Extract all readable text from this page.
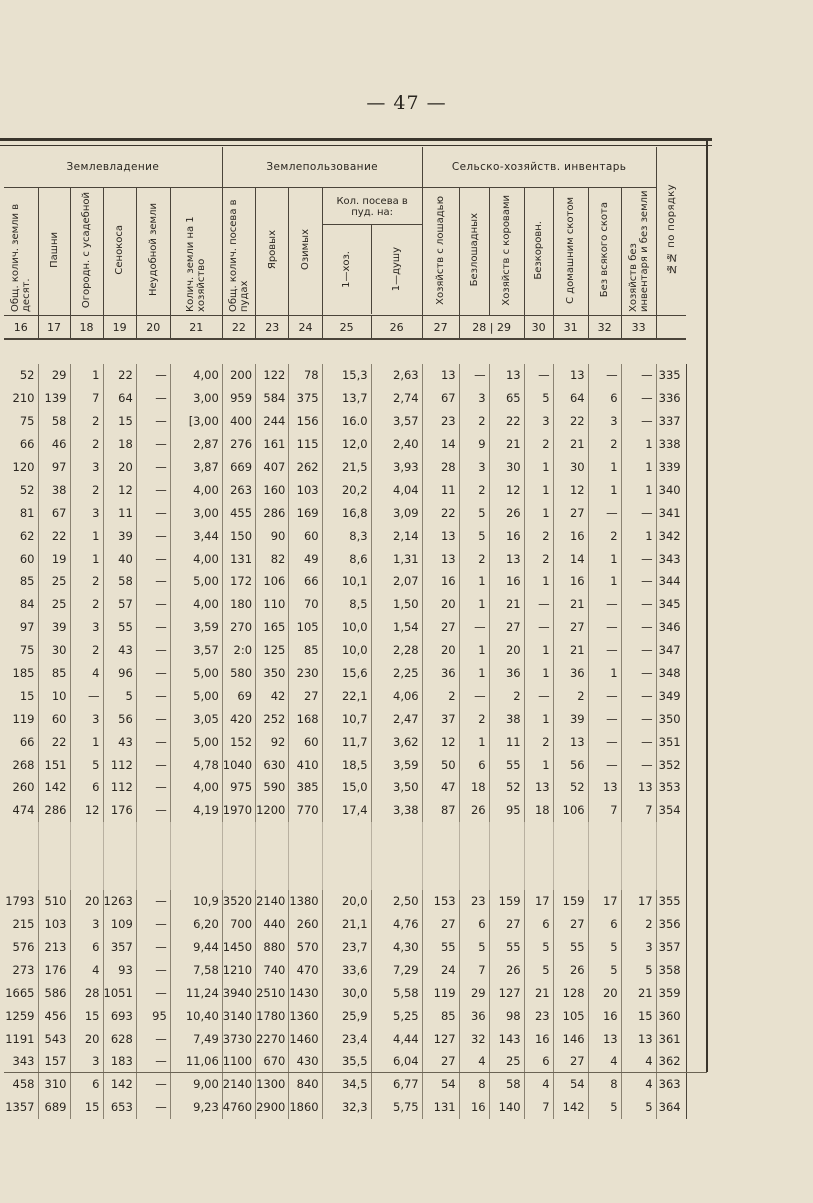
— 47 —
Землевладение						Землепользование					Сельско-хозяйств. инвентарь							№№ по порядку
Общ. колич. земли в десят.	Пашни	Огородн. с усадебной	Сенокоса	Неудобной земли	Колич. земли на 1 хозяйство	Общ. колич. посева в пудах	Яровых	Озимых	Кол. посева в пуд. на:
1—хоз. 1—душу		Хозяйств с лошадью	Безлошадных	Хозяйств с коровами	Безкоровн.	С домашним скотом	Без всякого скота	Хозяйств без инвентаря и без земли	
16	17	18	19	20	21	22	23	24	25	26	27	28 | 29		30	31	32	33	

52	29	1	22	—	4,00	200	122	78	15,3	2,63	13	—	13	—	13	—	—	335
210	139	7	64	—	3,00	959	584	375	13,7	2,74	67	3	65	5	64	6	—	336
75	58	2	15	—	[3,00	400	244	156	16.0	3,57	23	2	22	3	22	3	—	337
66	46	2	18	—	2,87	276	161	115	12,0	2,40	14	9	21	2	21	2	1	338
120	97	3	20	—	3,87	669	407	262	21,5	3,93	28	3	30	1	30	1	1	339
52	38	2	12	—	4,00	263	160	103	20,2	4,04	11	2	12	1	12	1	1	340
81	67	3	11	—	3,00	455	286	169	16,8	3,09	22	5	26	1	27	—	—	341
62	22	1	39	—	3,44	150	90	60	8,3	2,14	13	5	16	2	16	2	1	342
60	19	1	40	—	4,00	131	82	49	8,6	1,31	13	2	13	2	14	1	—	343
85	25	2	58	—	5,00	172	106	66	10,1	2,07	16	1	16	1	16	1	—	344
84	25	2	57	—	4,00	180	110	70	8,5	1,50	20	1	21	—	21	—	—	345
97	39	3	55	—	3,59	270	165	105	10,0	1,54	27	—	27	—	27	—	—	346
75	30	2	43	—	3,57	2:0	125	85	10,0	2,28	20	1	20	1	21	—	—	347
185	85	4	96	—	5,00	580	350	230	15,6	2,25	36	1	36	1	36	1	—	348
15	10	—	5	—	5,00	69	42	27	22,1	4,06	2	—	2	—	2	—	—	349
119	60	3	56	—	3,05	420	252	168	10,7	2,47	37	2	38	1	39	—	—	350
66	22	1	43	—	5,00	152	92	60	11,7	3,62	12	1	11	2	13	—	—	351
268	151	5	112	—	4,78	1040	630	410	18,5	3,59	50	6	55	1	56	—	—	352
260	142	6	112	—	4,00	975	590	385	15,0	3,50	47	18	52	13	52	13	13	353
474	286	12	176	—	4,19	1970	1200	770	17,4	3,38	87	26	95	18	106	7	7	354

1793	510	20	1263	—	10,9	3520	2140	1380	20,0	2,50	153	23	159	17	159	17	17	355
215	103	3	109	—	6,20	700	440	260	21,1	4,76	27	6	27	6	27	6	2	356
576	213	6	357	—	9,44	1450	880	570	23,7	4,30	55	5	55	5	55	5	3	357
273	176	4	93	—	7,58	1210	740	470	33,6	7,29	24	7	26	5	26	5	5	358
1665	586	28	1051	—	11,24	3940	2510	1430	30,0	5,58	119	29	127	21	128	20	21	359
1259	456	15	693	95	10,40	3140	1780	1360	25,9	5,25	85	36	98	23	105	16	15	360
1191	543	20	628	—	7,49	3730	2270	1460	23,4	4,44	127	32	143	16	146	13	13	361
343	157	3	183	—	11,06	1100	670	430	35,5	6,04	27	4	25	6	27	4	4	362
458	310	6	142	—	9,00	2140	1300	840	34,5	6,77	54	8	58	4	54	8	4	363
1357	689	15	653	—	9,23	4760	2900	1860	32,3	5,75	131	16	140	7	142	5	5	364
